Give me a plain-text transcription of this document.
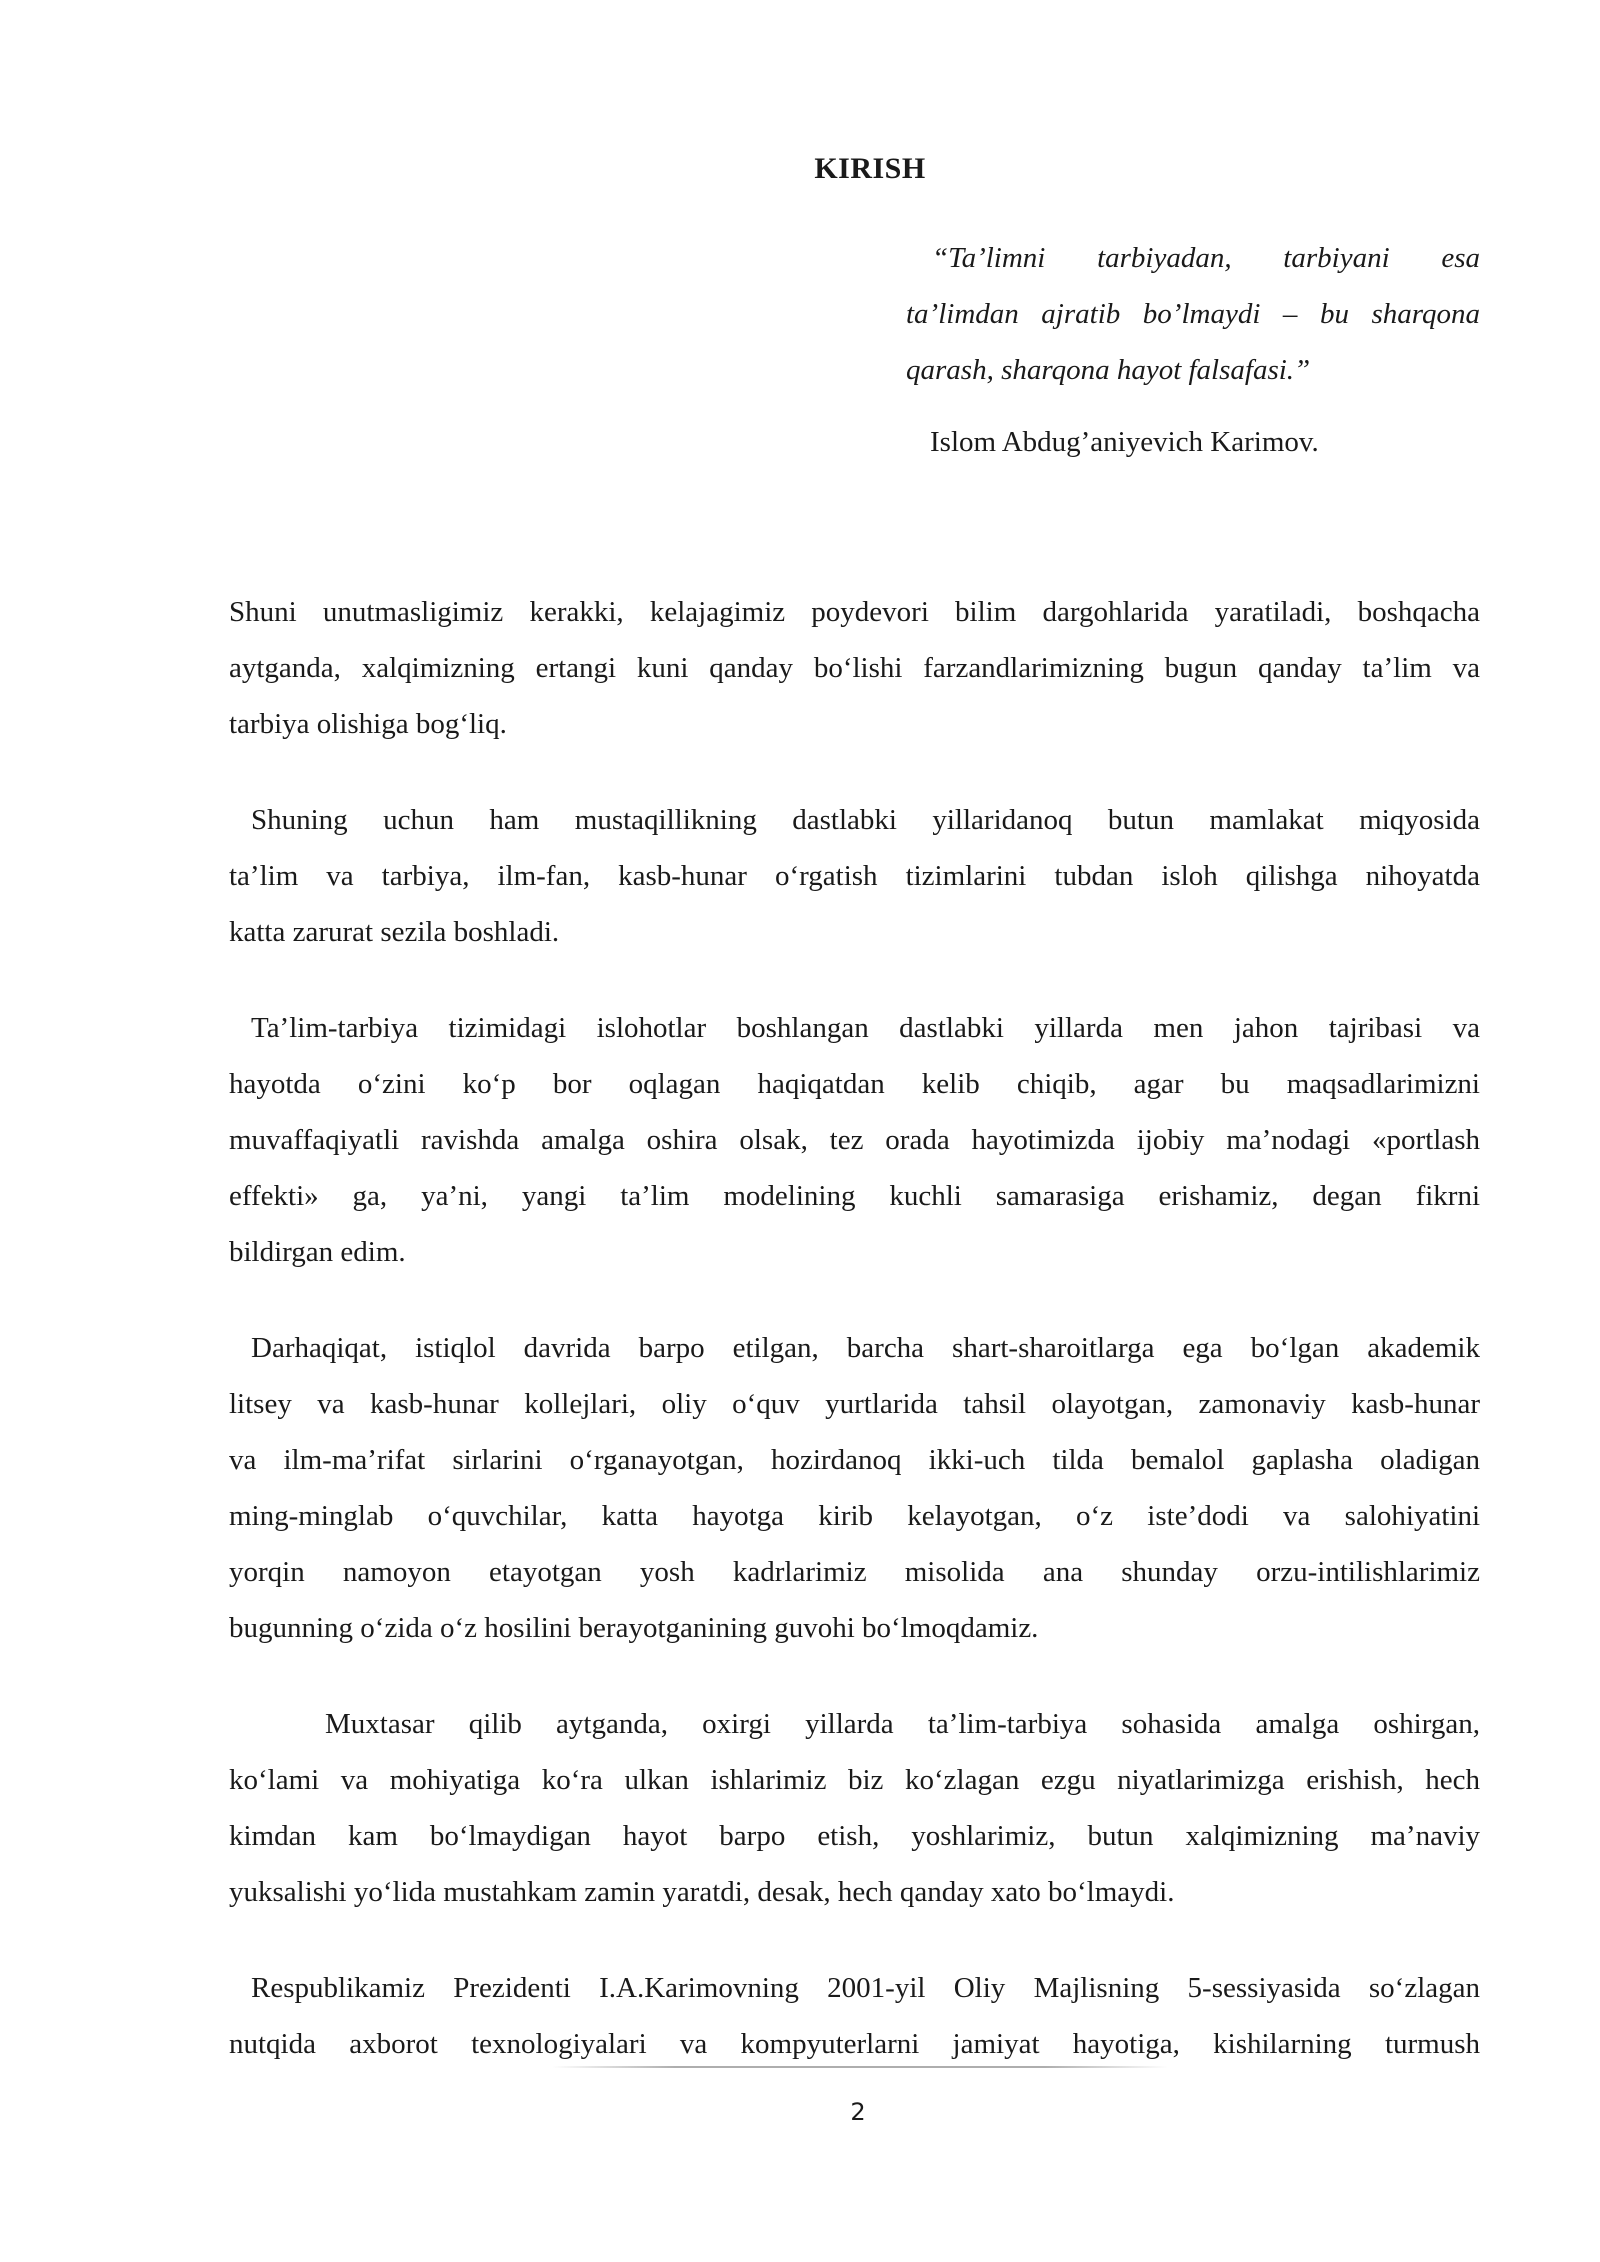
KIRISH
“Ta’limni tarbiyadan, tarbiyani esa
ta’limdan ajratib bo’lmaydi – bu sharqona
qarash, sharqona hayot falsafasi.”
Islom Abdug’aniyevich Karimov.
Shuni unutmasligimiz kerakki, kelajagimiz poydevori bilim dargohlarida yaratiladi, boshqacha
aytganda, xalqimizning ertangi kuni qanday bo‘lishi farzandlarimizning bugun qanday ta’lim va
tarbiya olishiga bog‘liq.
Shuning uchun ham mustaqillikning dastlabki yillaridanoq butun mamlakat miqyosida
ta’lim va tarbiya, ilm-fan, kasb-hunar o‘rgatish tizimlarini tubdan isloh qilishga nihoyatda
katta zarurat sezila boshladi.
Ta’lim-tarbiya tizimidagi islohotlar boshlangan dastlabki yillarda men jahon tajribasi va
hayotda o‘zini ko‘p bor oqlagan haqiqatdan kelib chiqib, agar bu maqsadlarimizni
muvaffaqiyatli ravishda amalga oshira olsak, tez orada hayotimizda ijobiy ma’nodagi «portlash
effekti» ga, ya’ni, yangi ta’lim modelining kuchli samarasiga erishamiz, degan fikrni
bildirgan edim.
Darhaqiqat, istiqlol davrida barpo etilgan, barcha shart-sharoitlarga ega bo‘lgan akademik
litsey va kasb-hunar kollejlari, oliy o‘quv yurtlarida tahsil olayotgan, zamonaviy kasb-hunar
va ilm-ma’rifat sirlarini o‘rganayotgan, hozirdanoq ikki-uch tilda bemalol gaplasha oladigan
ming-minglab o‘quvchilar, katta hayotga kirib kelayotgan, o‘z iste’dodi va salohiyatini
yorqin namoyon etayotgan yosh kadrlarimiz misolida ana shunday orzu-intilishlarimiz
bugunning o‘zida o‘z hosilini berayotganining guvohi bo‘lmoqdamiz.
Muxtasar qilib aytganda, oxirgi yillarda ta’lim-tarbiya sohasida amalga oshirgan,
ko‘lami va mohiyatiga ko‘ra ulkan ishlarimiz biz ko‘zlagan ezgu niyatlarimizga erishish, hech
kimdan kam bo‘lmaydigan hayot barpo etish, yoshlarimiz, butun xalqimizning ma’naviy
yuksalishi yo‘lida mustahkam zamin yaratdi, desak, hech qanday xato bo‘lmaydi.
Respublikamiz Prezidenti I.A.Karimovning 2001-yil Oliy Majlisning 5-sessiyasida so‘zlagan
nutqida axborot texnologiyalari va kompyuterlarni jamiyat hayotiga, kishilarning turmush
2
